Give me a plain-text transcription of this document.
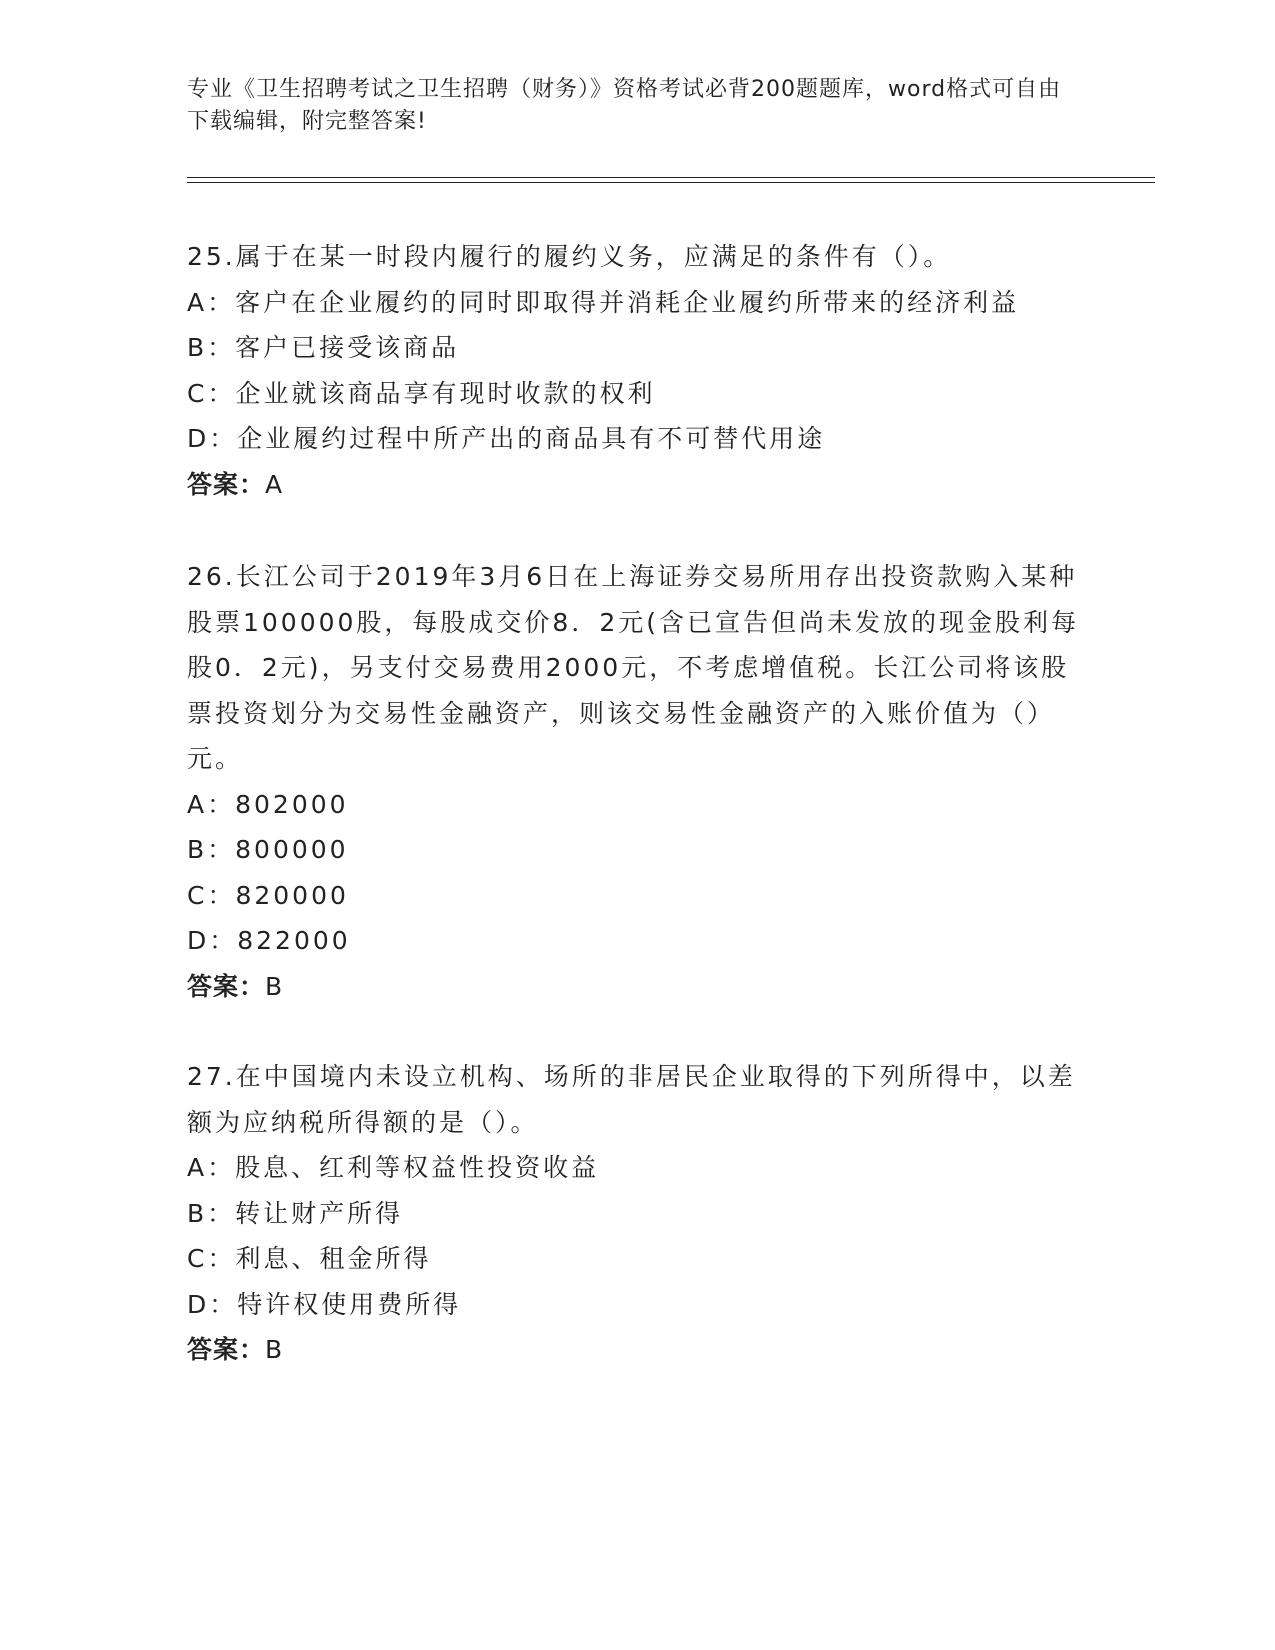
专业《卫生招聘考试之卫生招聘（财务）》资格考试必背200题题库，word格式可自由下载编辑，附完整答案!

25.属于在某一时段内履行的履约义务，应满足的条件有（）。

A：客户在企业履约的同时即取得并消耗企业履约所带来的经济利益

B：客户已接受该商品

C：企业就该商品享有现时收款的权利

D：企业履约过程中所产出的商品具有不可替代用途

答案：A

26.长江公司于2019年3月6日在上海证券交易所用存出投资款购入某种股票100000股，每股成交价8．2元(含已宣告但尚未发放的现金股利每股0．2元)，另支付交易费用2000元，不考虑增值税。长江公司将该股票投资划分为交易性金融资产，则该交易性金融资产的入账价值为（）元。

A：802000

B：800000

C：820000

D：822000

答案：B

27.在中国境内未设立机构、场所的非居民企业取得的下列所得中，以差额为应纳税所得额的是（）。

A：股息、红利等权益性投资收益

B：转让财产所得

C：利息、租金所得

D：特许权使用费所得

答案：B
